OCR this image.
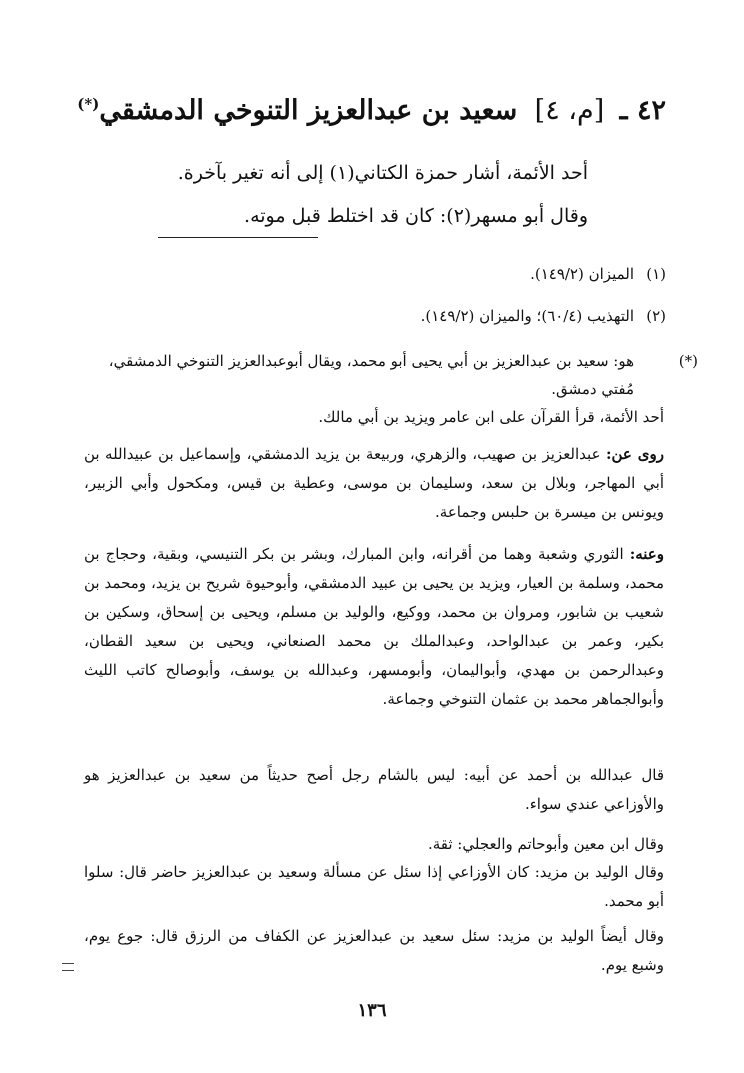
٤٢ ـ [م، ٤] سعيد بن عبدالعزيز التنوخي الدمشقي(*)

أحد الأئمة، أشار حمزة الكتاني(١) إلى أنه تغير بآخرة.

وقال أبو مسهر(٢): كان قد اختلط قبل موته.

(١)الميزان (١٤٩/٢).

(٢)التهذيب (٦٠/٤)؛ والميزان (١٤٩/٢).

(*)هو: سعيد بن عبدالعزيز بن أبي يحيى أبو محمد، ويقال أبوعبدالعزيز التنوخي الدمشقي، مُفتي دمشق.

أحد الأئمة، قرأ القرآن على ابن عامر ويزيد بن أبي مالك.

روى عن: عبدالعزيز بن صهيب، والزهري، وربيعة بن يزيد الدمشقي، وإسماعيل بن عبيدالله بن أبي المهاجر، وبلال بن سعد، وسليمان بن موسى، وعطية بن قيس، ومكحول وأبي الزبير، ويونس بن ميسرة بن حلبس وجماعة.

وعنه: الثوري وشعبة وهما من أقرانه، وابن المبارك، وبشر بن بكر التنيسي، وبقية، وحجاج بن محمد، وسلمة بن العيار، ويزيد بن يحيى بن عبيد الدمشقي، وأبوحيوة شريح بن يزيد، ومحمد بن شعيب بن شابور، ومروان بن محمد، ووكيع، والوليد بن مسلم، ويحيى بن إسحاق، وسكين بن بكير، وعمر بن عبدالواحد، وعبدالملك بن محمد الصنعاني، ويحيى بن سعيد القطان، وعبدالرحمن بن مهدي، وأبواليمان، وأبومسهر، وعبدالله بن يوسف، وأبوصالح كاتب الليث وأبوالجماهر محمد بن عثمان التنوخي وجماعة.

قال عبدالله بن أحمد عن أبيه: ليس بالشام رجل أصح حديثاً من سعيد بن عبدالعزيز هو والأوزاعي عندي سواء.

وقال ابن معين وأبوحاتم والعجلي: ثقة.

وقال الوليد بن مزيد: كان الأوزاعي إذا سئل عن مسألة وسعيد بن عبدالعزيز حاضر قال: سلوا أبو محمد.

وقال أيضاً الوليد بن مزيد: سئل سعيد بن عبدالعزيز عن الكفاف من الرزق قال: جوع يوم، وشبع يوم.

١٣٦
